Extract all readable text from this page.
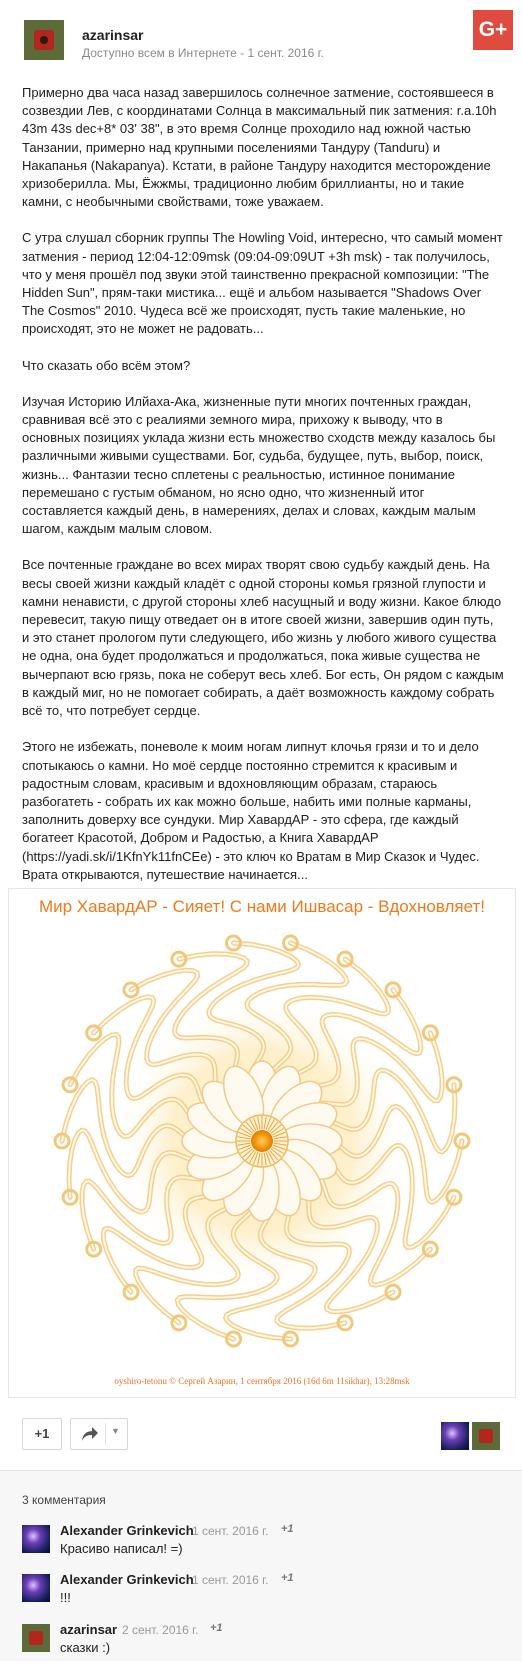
azarinsar
Доступно всем в Интернете - 1 сент. 2016 г.
G+

Примерно два часа назад завершилось солнечное затмение, состоявшееся в созвездии Лев, с координатами Солнца в максимальный пик затмения: r.a.10h 43m 43s dec+8* 03' 38", в это время Солнце проходило над южной частью Танзании, примерно над крупными поселениями Тандуру (Tanduru) и Накапанья (Nakapanya). Кстати, в районе Тандуру находится месторождение хризоберилла. Мы, Ёжжмы, традиционно любим бриллианты, но и такие камни, с необычными свойствами, тоже уважаем.

С утра слушал сборник группы The Howling Void, интересно, что самый момент затмения - период 12:04-12:09msk (09:04-09:09UT +3h msk) - так получилось, что у меня прошёл под звуки этой таинственно прекрасной композиции: "The Hidden Sun", прям-таки мистика... ещё и альбом называется "Shadows Over The Cosmos" 2010. Чудеса всё же происходят, пусть такие маленькие, но происходят, это не может не радовать...

Что сказать обо всём этом?

Изучая Историю Илйаха-Ака, жизненные пути многих почтенных граждан, сравнивая всё это с реалиями земного мира, прихожу к выводу, что в основных позициях уклада жизни есть множество сходств между казалось бы различными живыми существами. Бог, судьба, будущее, путь, выбор, поиск, жизнь... Фантазии тесно сплетены с реальностью, истинное понимание перемешано с густым обманом, но ясно одно, что жизненный итог составляется каждый день, в намерениях, делах и словах, каждым малым шагом, каждым малым словом.

Все почтенные граждане во всех мирах творят свою судьбу каждый день. На весы своей жизни каждый кладёт с одной стороны комья грязной глупости и камни ненависти, с другой стороны хлеб насущный и воду жизни. Какое блюдо перевесит, такую пищу отведает он в итоге своей жизни, завершив один путь, и это станет прологом пути следующего, ибо жизнь у любого живого существа не одна, она будет продолжаться и продолжаться, пока живые существа не вычерпают всю грязь, пока не соберут весь хлеб. Бог есть, Он рядом с каждым в каждый миг, но не помогает собирать, а даёт возможность каждому собрать всё то, что потребует сердце.

Этого не избежать, поневоле к моим ногам липнут клочья грязи и то и дело спотыкаюсь о камни. Но моё сердце постоянно стремится к красивым и радостным словам, красивым и вдохновляющим образам, стараюсь разбогатеть - собрать их как можно больше, набить ими полные карманы, заполнить доверху все сундуки. Мир ХавардАР - это сфера, где каждый богатеет Красотой, Добром и Радостью, а Книга ХавардАР (https://yadi.sk/i/1KfnYk11fnCEe) - это ключ ко Вратам в Мир Сказок и Чудес. Врата открываются, путешествие начинается...

Мир ХавардАР - Сияет! С нами Ишвасар - Вдохновляет!
oyshiro-tetonu © Сергей Азарин, 1 сентября 2016 (16d 6m 11sikhar), 13:28msk
+1	▼
3 комментария
Alexander Grinkevich
1 сент. 2016 г. +1
Красиво написал! =)
Alexander Grinkevich
1 сент. 2016 г. +1
!!!
azarinsar 2 сент. 2016 г. +1
сказки :)
